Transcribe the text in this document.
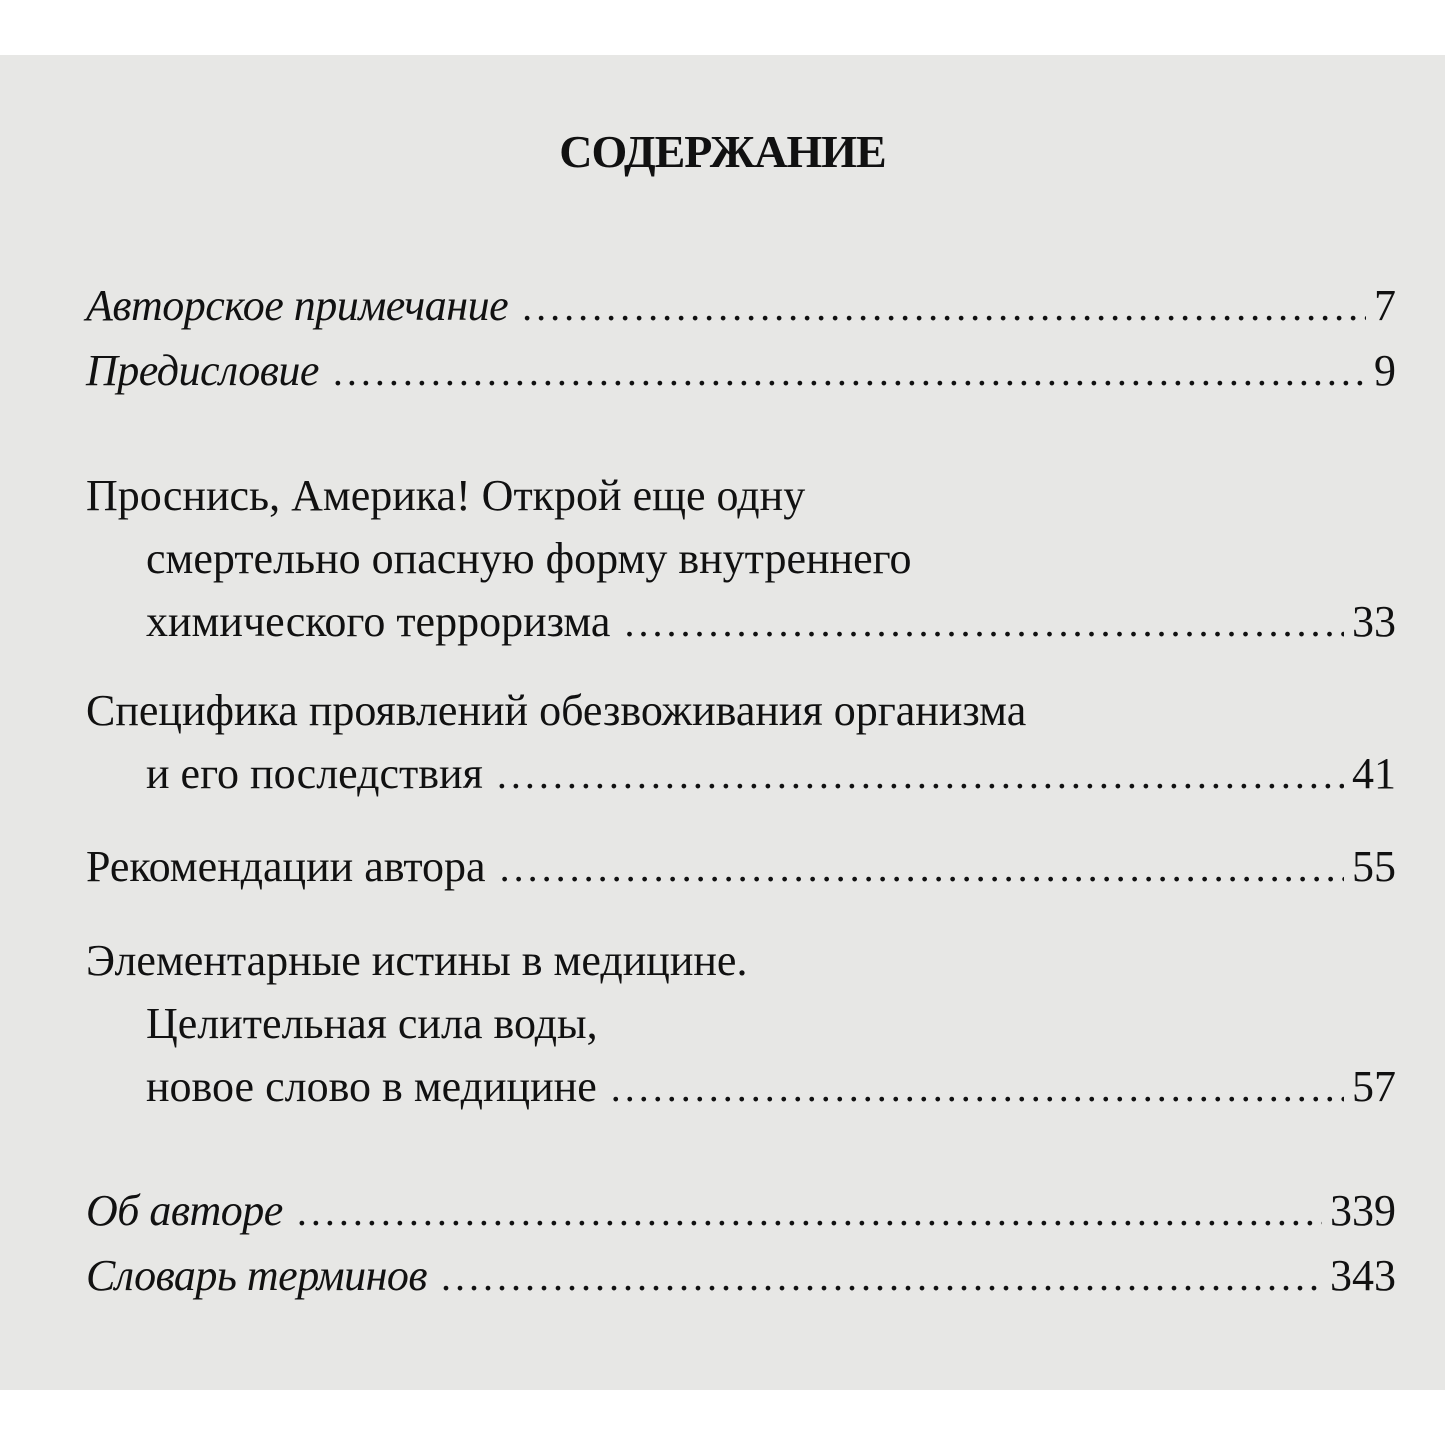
СОДЕРЖАНИЕ
Авторское примечание .....	7
Предисловие .....	9
Проснись, Америка! Открой еще одну
смертельно опасную форму внутреннего
химического терроризма .....	33
Специфика проявлений обезвоживания организма
и его последствия .....	41
Рекомендации автора .....	55
Элементарные истины в медицине.
Целительная сила воды,
новое слово в медицине .....	57
Об авторе .....	339
Словарь терминов .....	343
